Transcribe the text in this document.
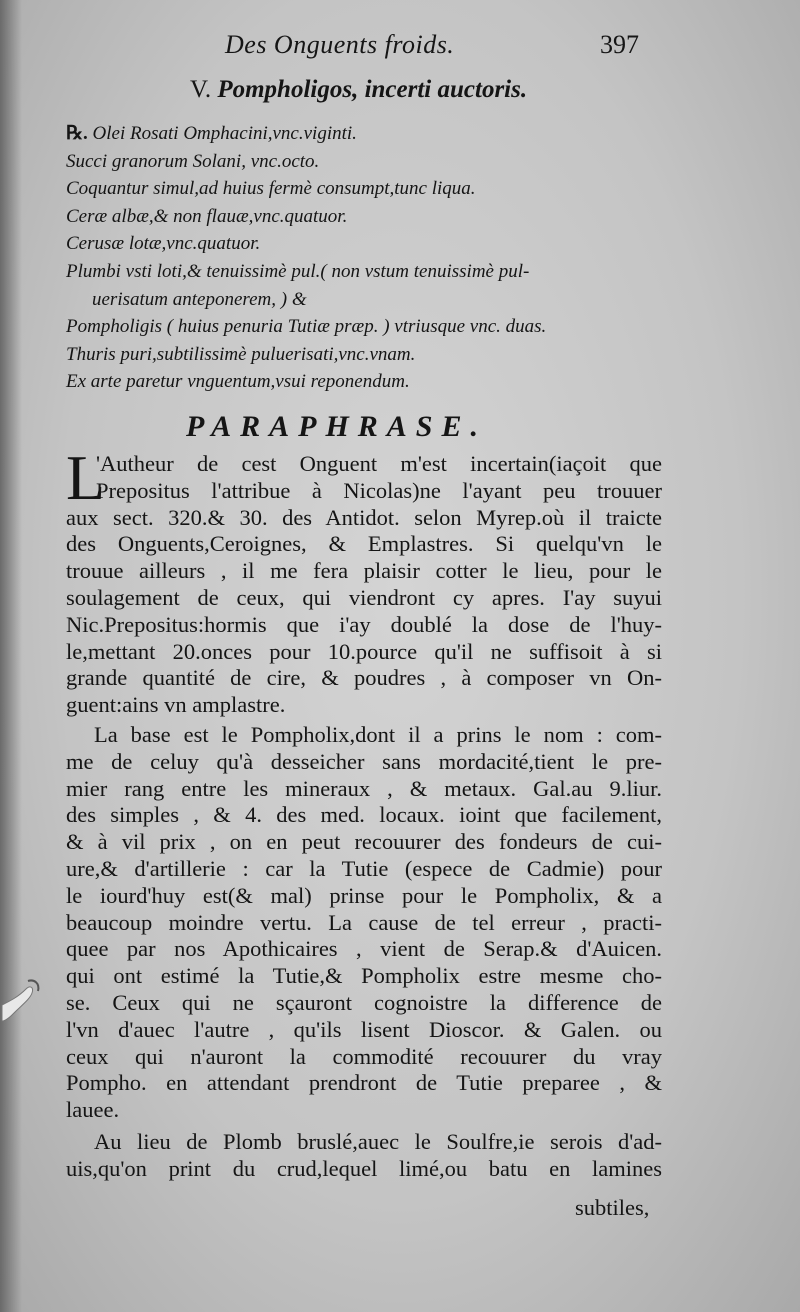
Des Onguents froids.	397
V. Pompholigos, incerti auctoris.
℞. Olei Rosati Omphacini,vnc.viginti.
Succi granorum Solani, vnc.octo.
Coquantur simul,ad huius fermè consumpt,tunc liqua.
Ceræ albæ,& non flauæ,vnc.quatuor.
Cerusæ lotæ,vnc.quatuor.
Plumbi vsti loti,& tenuissimè pul.( non vstum tenuissimè pul-
uerisatum anteponerem, ) &
Pompholigis ( huius penuria Tutiæ præp. ) vtriusque vnc. duas.
Thuris puri,subtilissimè puluerisati,vnc.vnam.
Ex arte paretur vnguentum,vsui reponendum.
PARAPHRASE.
L
'Autheur de cest Onguent m'est incertain(iaçoit que
Prepositus l'attribue à Nicolas)ne l'ayant peu trouuer
aux sect. 320.& 30. des Antidot. selon Myrep.où il traicte
des Onguents,Ceroignes, & Emplastres. Si quelqu'vn le
trouue ailleurs , il me fera plaisir cotter le lieu, pour le
soulagement de ceux, qui viendront cy apres. I'ay suyui
Nic.Prepositus:hormis que i'ay doublé la dose de l'huy-
le,mettant 20.onces pour 10.pource qu'il ne suffisoit à si
grande quantité de cire, & poudres , à composer vn On-
guent:ains vn amplastre.
La base est le Pompholix,dont il a prins le nom : com-
me de celuy qu'à desseicher sans mordacité,tient le pre-
mier rang entre les mineraux , & metaux. Gal.au 9.liur.
des simples , & 4. des med. locaux. ioint que facilement,
& à vil prix , on en peut recouurer des fondeurs de cui-
ure,& d'artillerie : car la Tutie (espece de Cadmie) pour
le iourd'huy est(& mal) prinse pour le Pompholix, & a
beaucoup moindre vertu. La cause de tel erreur , practi-
quee par nos Apothicaires , vient de Serap.& d'Auicen.
qui ont estimé la Tutie,& Pompholix estre mesme cho-
se. Ceux qui ne sçauront cognoistre la difference de
l'vn d'auec l'autre , qu'ils lisent Dioscor. & Galen. ou
ceux qui n'auront la commodité recouurer du vray
Pompho. en attendant prendront de Tutie preparee , &
lauee.
Au lieu de Plomb bruslé,auec le Soulfre,ie serois d'ad-
uis,qu'on print du crud,lequel limé,ou batu en lamines
subtiles,
